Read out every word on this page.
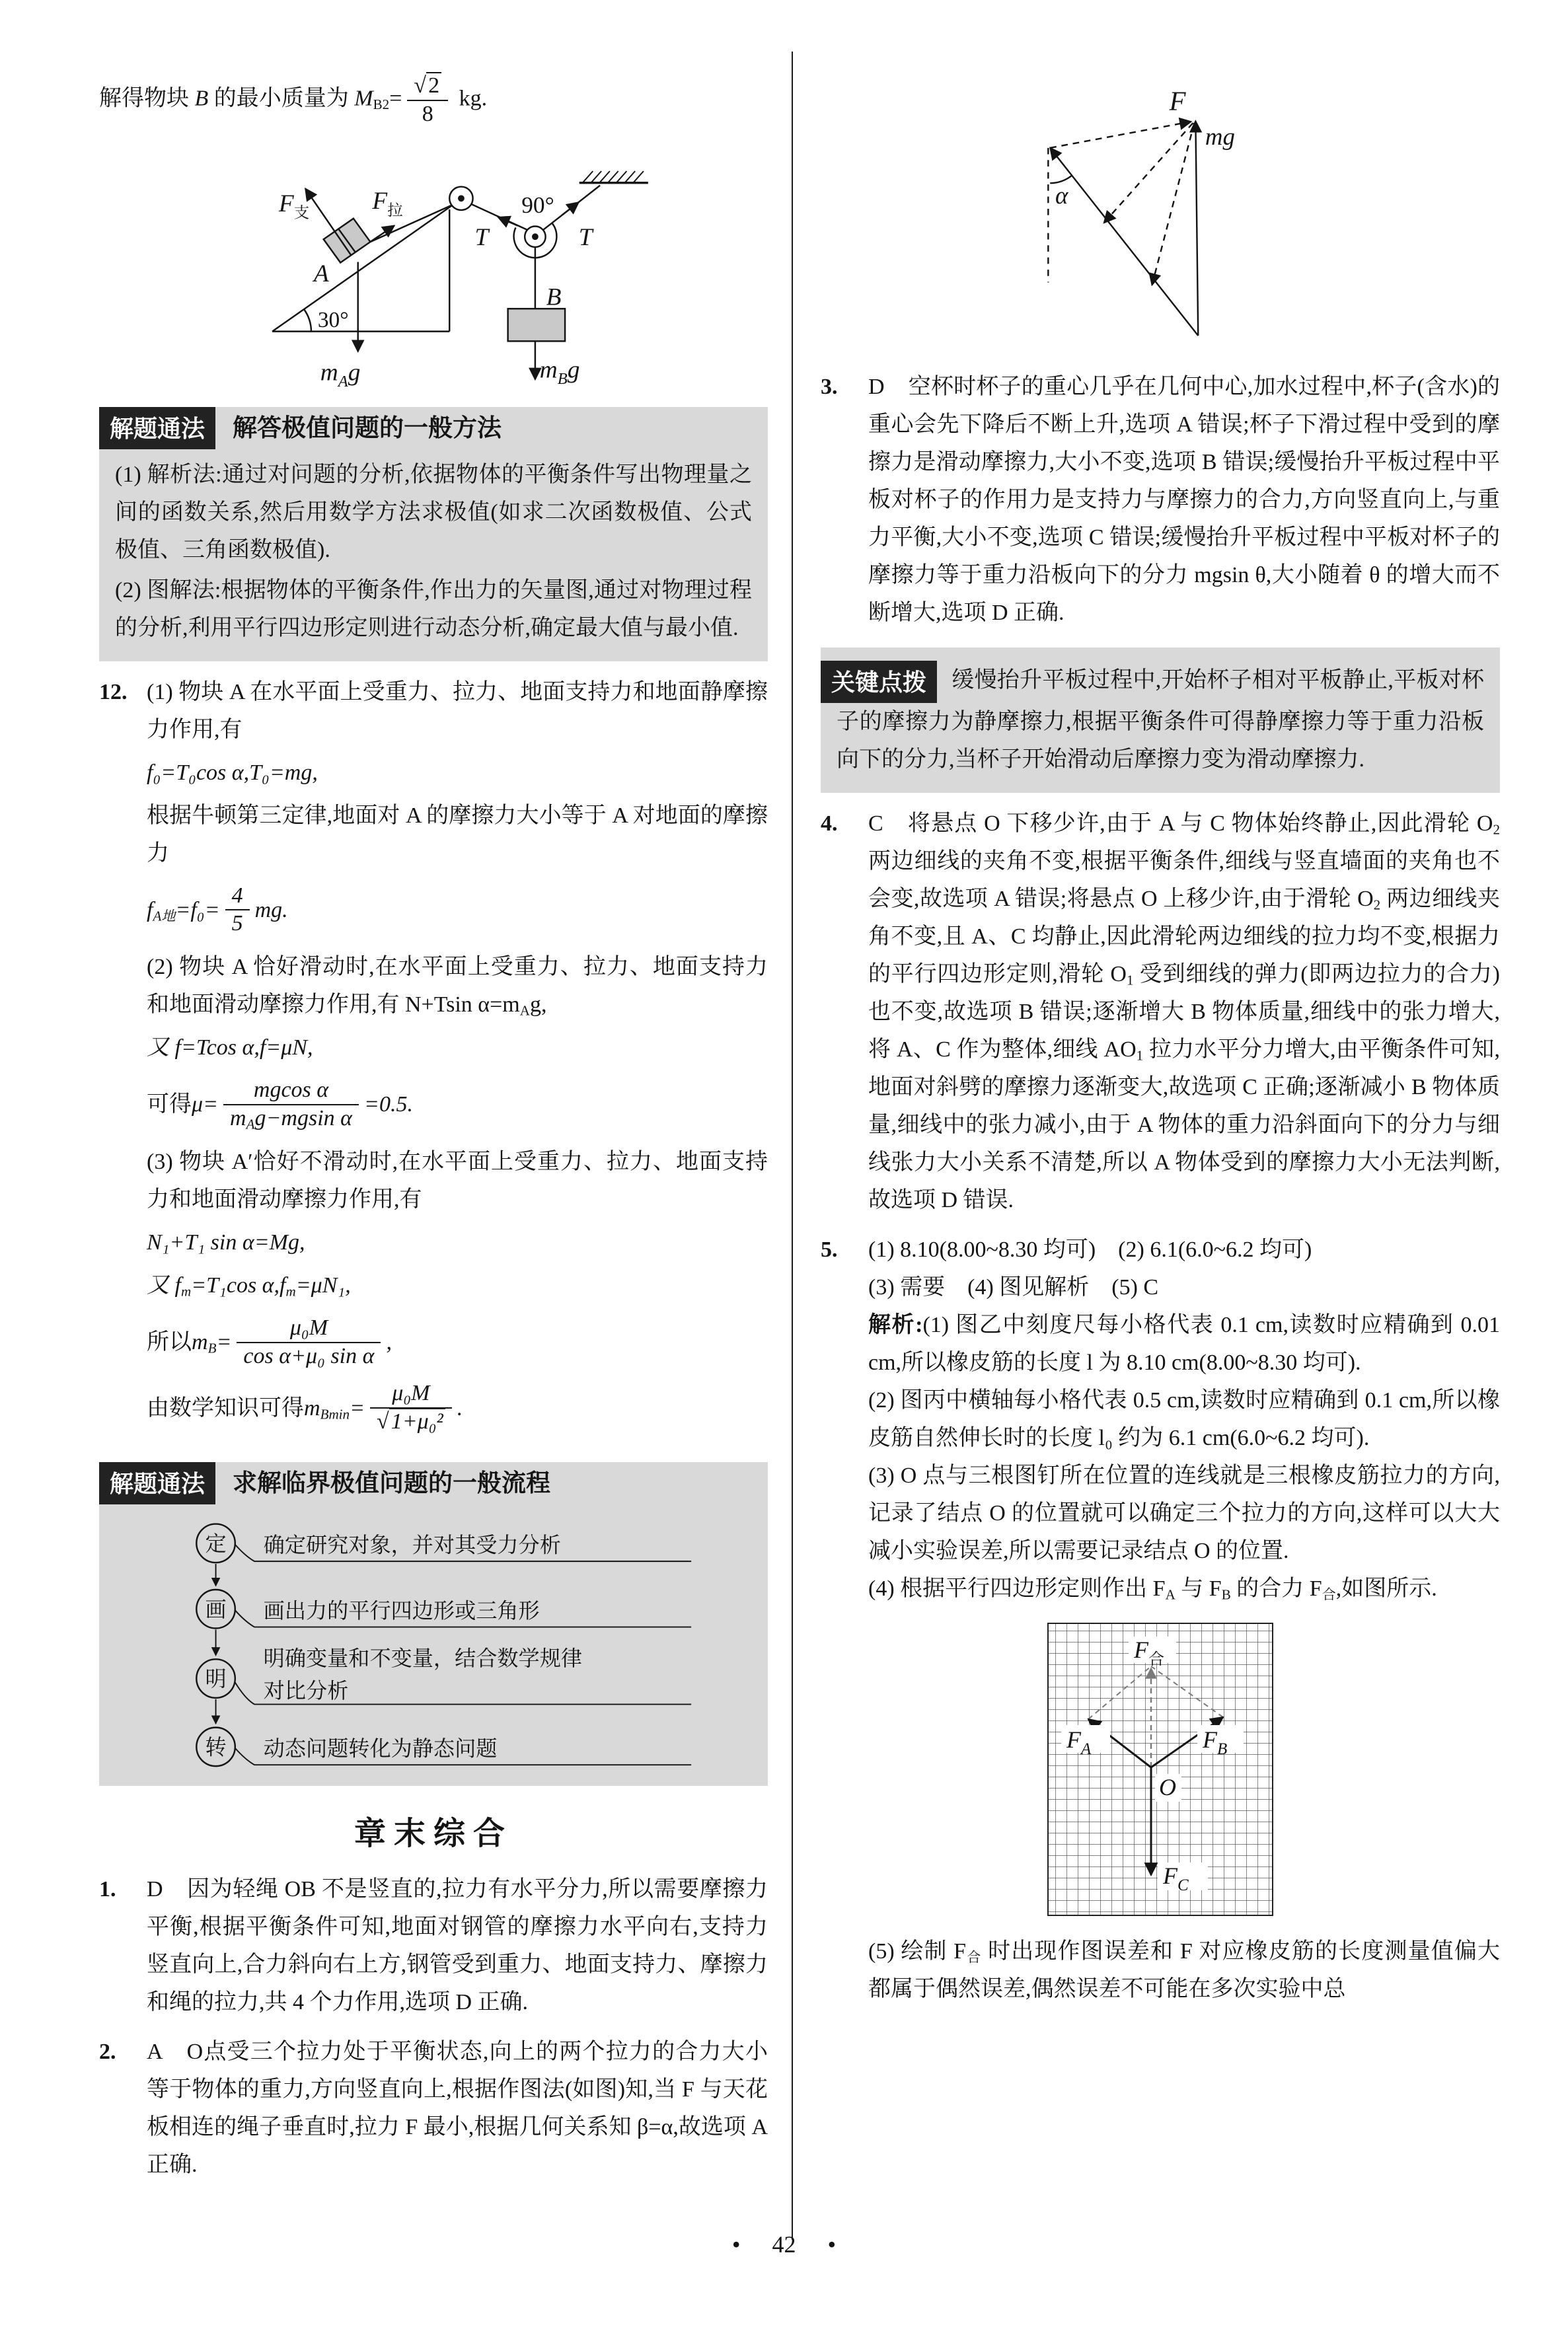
解得物块 B 的最小质量为 $M_{B2}= \frac{√2}{8}$ kg.

$F_支$	$F_拉$	90°
T	T
A
30°
B
$m_Ag$	$m_Bg$
解题通法	解答极值问题的一般方法

(1) 解析法:通过对问题的分析,依据物体的平衡条件写出物理量之间的函数关系,然后用数学方法求极值(如求二次函数极值、公式极值、三角函数极值).

(2) 图解法:根据物体的平衡条件,作出力的矢量图,通过对物理过程的分析,利用平行四边形定则进行动态分析,确定最大值与最小值.

12. (1) 物块 A 在水平面上受重力、拉力、地面支持力和地面静摩擦力作用,有

f₀=T₀cos α,T₀=mg,

根据牛顿第三定律,地面对 A 的摩擦力大小等于 A 对地面的摩擦力

$f_{A地}=f_0= \frac{4}{5}$ mg.

(2) 物块 A 恰好滑动时,在水平面上受重力、拉力、地面支持力和地面滑动摩擦力作用,有 N+Tsin $\alpha=m_Ag$,

又 f=Tcos α,f=μN,

可得 $\mu= \frac{\text{mgcos α}}{m_Ag-mgsin \alpha} =0.5$.

(3) 物块 A′恰好不滑动时,在水平面上受重力、拉力、地面支持力和地面滑动摩擦力作用,有

N₁+T₁ sin α=Mg,

又 $f_m=T_1\cos$ $\alpha,f_m=\mu N_1$,

所以 $m_B= \frac{\text{μ₀M}}{\text{cos α+μ₀ sin α}}$ ,

由数学知识可得 $m_{Bmin}= \frac{\text{μ₀M}}{\text{√1+μ₀²}}$ .

解题通法	求解临界极值问题的一般流程
定
画
明
转
确定研究对象，并对其受力分析
画出力的平行四边形或三角形
明确变量和不变量，结合数学规律
对比分析
动态问题转化为静态问题
章末综合
1.	D 因为轻绳 OB 不是竖直的,拉力有水平分力,所以需要摩擦力平衡,根据平衡条件可知,地面对钢管的摩擦力水平向右,支持力竖直向上,合力斜向右上方,钢管受到重力、地面支持力、摩擦力和绳的拉力,共 4 个力作用,选项 D 正确.

2.	A O点受三个拉力处于平衡状态,向上的两个拉力的合力大小等于物体的重力,方向竖直向上,根据作图法(如图)知,当 F 与天花板相连的绳子垂直时,拉力 F 最小,根据几何关系知 β=α,故选项 A 正确.

F
mg
α
3.	D 空杯时杯子的重心几乎在几何中心,加水过程中,杯子(含水)的重心会先下降后不断上升,选项 A 错误;杯子下滑过程中受到的摩擦力是滑动摩擦力,大小不变,选项 B 错误;缓慢抬升平板过程中平板对杯子的作用力是支持力与摩擦力的合力,方向竖直向上,与重力平衡,大小不变,选项 C 错误;缓慢抬升平板过程中平板对杯子的摩擦力等于重力沿板向下的分力 mgsin θ,大小随着 θ 的增大而不断增大,选项 D 正确.

关键点拨 缓慢抬升平板过程中,开始杯子相对平板静止,平板对杯子的摩擦力为静摩擦力,根据平衡条件可得静摩擦力等于重力沿板向下的分力,当杯子开始滑动后摩擦力变为滑动摩擦力.

4.	C 将悬点 O 下移少许,由于 A 与 C 物体始终静止,因此滑轮 $O_2$ 两边细线的夹角不变,根据平衡条件,细线与竖直墙面的夹角也不会变,故选项 A 错误;将悬点 O 上移少许,由于滑轮 $O_2$ 两边细线夹角不变,且 A、C 均静止,因此滑轮两边细线的拉力均不变,根据力的平行四边形定则,滑轮 $O_1$ 受到细线的弹力(即两边拉力的合力)也不变,故选项 B 错误;逐渐增大 B 物体质量,细线中的张力增大,将 A、C 作为整体,细线 $AO_1$ 拉力水平分力增大,由平衡条件可知,地面对斜劈的摩擦力逐渐变大,故选项 C 正确;逐渐减小 B 物体质量,细线中的张力减小,由于 A 物体的重力沿斜面向下的分力与细线张力大小关系不清楚,所以 A 物体受到的摩擦力大小无法判断,故选项 D 错误.

5.	(1) 8.10(8.00~8.30 均可)　(2) 6.1(6.0~6.2 均可)

(3) 需要　(4) 图见解析　(5) C

解析:(1) 图乙中刻度尺每小格代表 0.1 cm,读数时应精确到 0.01 cm,所以橡皮筋的长度 l 为 8.10 cm(8.00~8.30 均可).

(2) 图丙中横轴每小格代表 0.5 cm,读数时应精确到 0.1 cm,所以橡皮筋自然伸长时的长度 l₀ 约为 6.1 cm(6.0~6.2 均可).

(3) O 点与三根图钉所在位置的连线就是三根橡皮筋拉力的方向,记录了结点 O 的位置就可以确定三个拉力的方向,这样可以大大减小实验误差,所以需要记录结点 O 的位置.

(4) 根据平行四边形定则作出 $F_A$ 与 $F_B$ 的合力 $F_合$,如图所示.

$F_合$
$F_A$	$F_B$
O
$F_C$

(5) 绘制 $F_合$ 时出现作图误差和 F 对应橡皮筋的长度测量值偏大都属于偶然误差,偶然误差不可能在多次实验中总

• 42 •
